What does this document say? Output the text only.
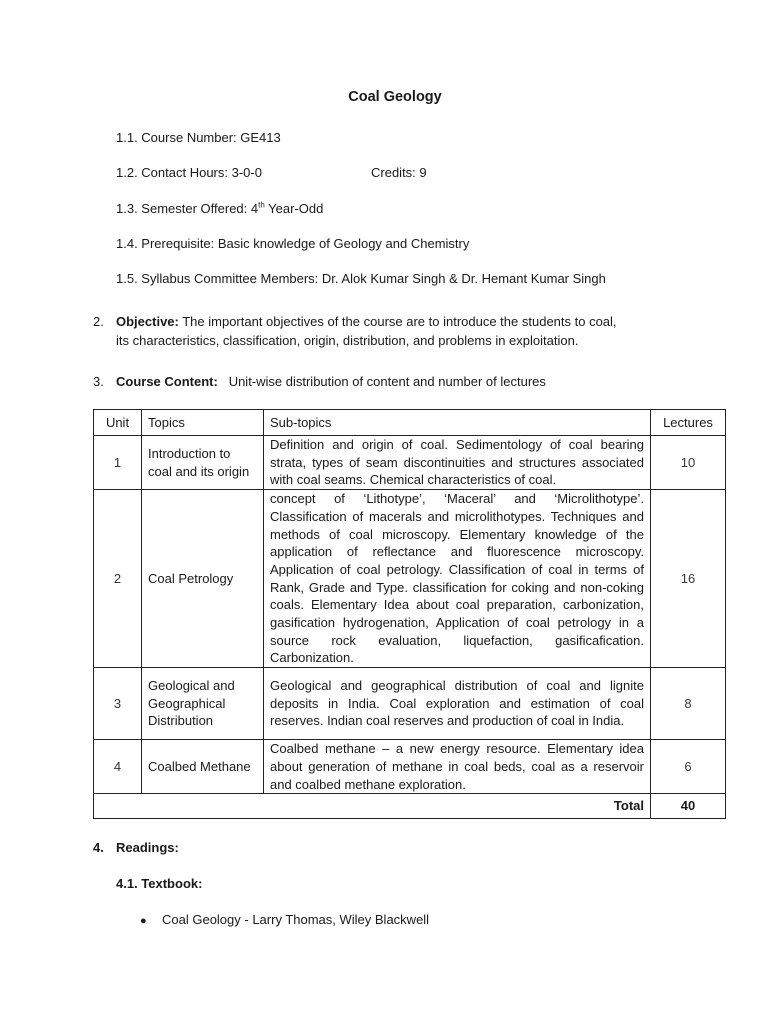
Coal Geology
1.1. Course Number: GE413
1.2. Contact Hours: 3-0-0	Credits: 9
1.3. Semester Offered: 4th Year-Odd
1.4. Prerequisite: Basic knowledge of Geology and Chemistry
1.5. Syllabus Committee Members: Dr. Alok Kumar Singh & Dr. Hemant Kumar Singh
2. Objective: The important objectives of the course are to introduce the students to coal,
its characteristics, classification, origin, distribution, and problems in exploitation.
3. Course Content: Unit-wise distribution of content and number of lectures
Unit	Topics	Sub-topics	Lectures
1	Introduction to coal and its origin	Definition and origin of coal. Sedimentology of coal bearing strata, types of seam discontinuities and structures associated with coal seams. Chemical characteristics of coal.	10
2	Coal Petrology	concept of ‘Lithotype’, ‘Maceral’ and ‘Microlithotype’. Classification of macerals and microlithotypes. Techniques and methods of coal microscopy. Elementary knowledge of the application of reflectance and fluorescence microscopy. Application of coal petrology. Classification of coal in terms of Rank, Grade and Type. classification for coking and non-coking coals. Elementary Idea about coal preparation, carbonization, gasification hydrogenation, Application of coal petrology in a source rock evaluation, liquefaction, gasificafication. Carbonization.	16
3	Geological and Geographical Distribution	Geological and geographical distribution of coal and lignite deposits in India. Coal exploration and estimation of coal reserves. Indian coal reserves and production of coal in India.	8
4	Coalbed Methane	Coalbed methane – a new energy resource. Elementary idea about generation of methane in coal beds, coal as a reservoir and coalbed methane exploration.	6
Total			40
4. Readings:
4.1. Textbook:
● Coal Geology - Larry Thomas, Wiley Blackwell
